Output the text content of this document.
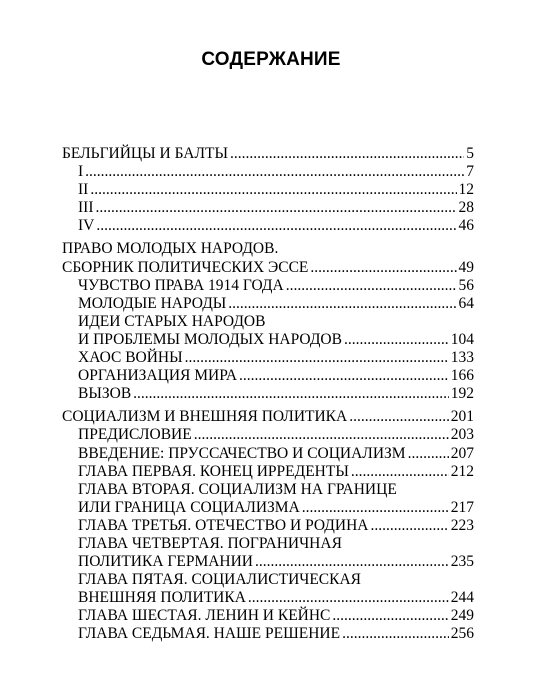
СОДЕРЖАНИЕ
БЕЛЬГИЙЦЫ И БАЛТЫ .....	5
I .....	7
II .....	12
III .....	28
IV .....	46
ПРАВО МОЛОДЫХ НАРОДОВ.
СБОРНИК ПОЛИТИЧЕСКИХ ЭССЕ .....	49
ЧУВСТВО ПРАВА 1914 ГОДА .....	56
МОЛОДЫЕ НАРОДЫ .....	64
ИДЕИ СТАРЫХ НАРОДОВ
И ПРОБЛЕМЫ МОЛОДЫХ НАРОДОВ .....	104
ХАОС ВОЙНЫ .....	133
ОРГАНИЗАЦИЯ МИРА .....	166
ВЫЗОВ .....	192
СОЦИАЛИЗМ И ВНЕШНЯЯ ПОЛИТИКА .....	201
ПРЕДИСЛОВИЕ .....	203
ВВЕДЕНИЕ: ПРУССАЧЕСТВО И СОЦИАЛИЗМ .....	207
ГЛАВА ПЕРВАЯ. КОНЕЦ ИРРЕДЕНТЫ .....	212
ГЛАВА ВТОРАЯ. СОЦИАЛИЗМ НА ГРАНИЦЕ
ИЛИ ГРАНИЦА СОЦИАЛИЗМА .....	217
ГЛАВА ТРЕТЬЯ. ОТЕЧЕСТВО И РОДИНА .....	223
ГЛАВА ЧЕТВЕРТАЯ. ПОГРАНИЧНАЯ
ПОЛИТИКА ГЕРМАНИИ .....	235
ГЛАВА ПЯТАЯ. СОЦИАЛИСТИЧЕСКАЯ
ВНЕШНЯЯ ПОЛИТИКА .....	244
ГЛАВА ШЕСТАЯ. ЛЕНИН И КЕЙНС .....	249
ГЛАВА СЕДЬМАЯ. НАШЕ РЕШЕНИЕ .....	256
